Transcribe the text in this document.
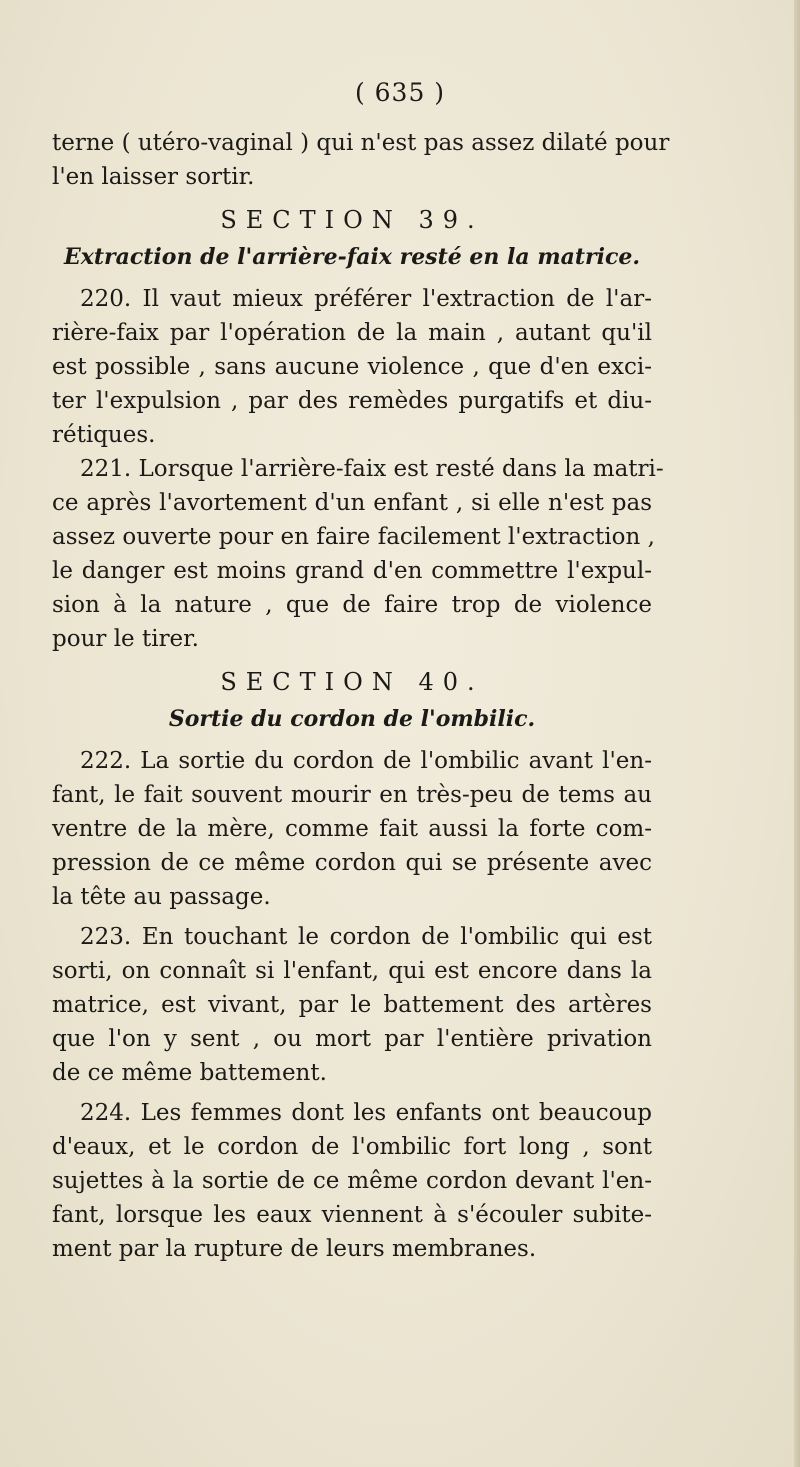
( 635 )
terne ( utéro-vaginal ) qui n'est pas assez dilaté pour
l'en laisser sortir.
SECTION 39.
Extraction de l'arrière-faix resté en la matrice.
220. Il vaut mieux préférer l'extraction de l'ar-
rière-faix par l'opération de la main , autant qu'il
est possible , sans aucune violence , que d'en exci-
ter l'expulsion , par des remèdes purgatifs et diu-
rétiques.
221. Lorsque l'arrière-faix est resté dans la matri-
ce après l'avortement d'un enfant , si elle n'est pas
assez ouverte pour en faire facilement l'extraction ,
le danger est moins grand d'en commettre l'expul-
sion à la nature , que de faire trop de violence
pour le tirer.
SECTION 40.
Sortie du cordon de l'ombilic.
222. La sortie du cordon de l'ombilic avant l'en-
fant, le fait souvent mourir en très-peu de tems au
ventre de la mère, comme fait aussi la forte com-
pression de ce même cordon qui se présente avec
la tête au passage.
223. En touchant le cordon de l'ombilic qui est
sorti, on connaît si l'enfant, qui est encore dans la
matrice, est vivant, par le battement des artères
que l'on y sent , ou mort par l'entière privation
de ce même battement.
224. Les femmes dont les enfants ont beaucoup
d'eaux, et le cordon de l'ombilic fort long , sont
sujettes à la sortie de ce même cordon devant l'en-
fant, lorsque les eaux viennent à s'écouler subite-
ment par la rupture de leurs membranes.
